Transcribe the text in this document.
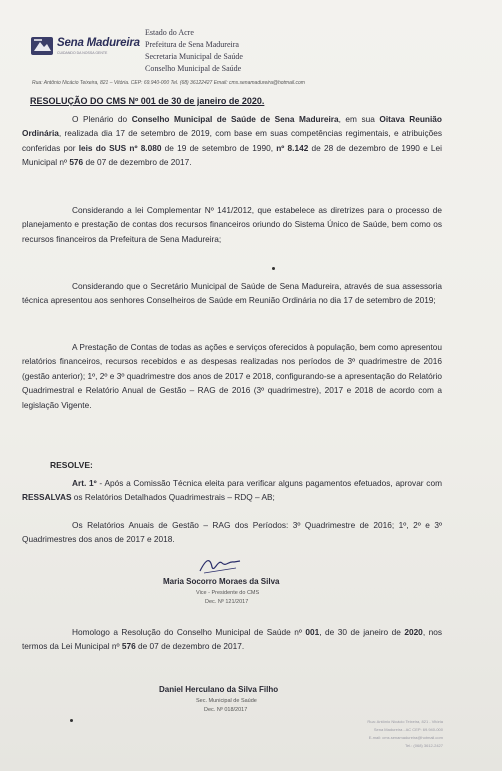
Sena Madureira
CUIDANDO DA NOSSA GENTE
Estado do Acre
Prefeitura de Sena Madureira
Secretaria Municipal de Saúde
Conselho Municipal de Saúde
Rua: Antônio Nicácio Teixeira, 821 – Vitória. CEP: 69.940-000 Tel. (68) 36122427 Email: cms.senamadureira@hotmail.com
RESOLUÇÃO DO CMS Nº 001 de 30 de janeiro de 2020.
O Plenário do Conselho Municipal de Saúde de Sena Madureira, em sua Oitava Reunião Ordinária, realizada dia 17 de setembro de 2019, com base em suas competências regimentais, e atribuições conferidas por leis do SUS nº 8.080 de 19 de setembro de 1990, nº 8.142 de 28 de dezembro de 1990 e Lei Municipal nº 576 de 07 de dezembro de 2017.
Considerando a lei Complementar Nº 141/2012, que estabelece as diretrizes para o processo de planejamento e prestação de contas dos recursos financeiros oriundo do Sistema Único de Saúde, bem como os recursos financeiros da Prefeitura de Sena Madureira;
Considerando que o Secretário Municipal de Saúde de Sena Madureira, através de sua assessoria técnica apresentou aos senhores Conselheiros de Saúde em Reunião Ordinária no dia 17 de setembro de 2019;
A Prestação de Contas de todas as ações e serviços oferecidos à população, bem como apresentou relatórios financeiros, recursos recebidos e as despesas realizadas nos períodos de 3º quadrimestre de 2016 (gestão anterior); 1º, 2º e 3º quadrimestre dos anos de 2017 e 2018, configurando-se a apresentação do Relatório Quadrimestral e Relatório Anual de Gestão – RAG de 2016 (3º quadrimestre), 2017 e 2018 de acordo com a legislação Vigente.
RESOLVE:
Art. 1º - Após a Comissão Técnica eleita para verificar alguns pagamentos efetuados, aprovar com RESSALVAS os Relatórios Detalhados Quadrimestrais – RDQ – AB;
Os Relatórios Anuais de Gestão – RAG dos Períodos: 3º Quadrimestre de 2016; 1º, 2º e 3º Quadrimestres dos anos de 2017 e 2018.
Maria Socorro Moraes da Silva
Vice - Presidente do CMS
Dec. Nº 121/2017
Homologo a Resolução do Conselho Municipal de Saúde nº 001, de 30 de janeiro de 2020, nos termos da Lei Municipal nº 576 de 07 de dezembro de 2017.
Daniel Herculano da Silva Filho
Sec. Municipal de Saúde
Dec. Nº 018/2017
Rua: Antônio Nicácio Teixeira, 821 - Vitória
Sena Madureira - AC CEP: 69.940-000
E-mail: cms.senamadureira@hotmail.com
Tel.: (068) 3612-2427
